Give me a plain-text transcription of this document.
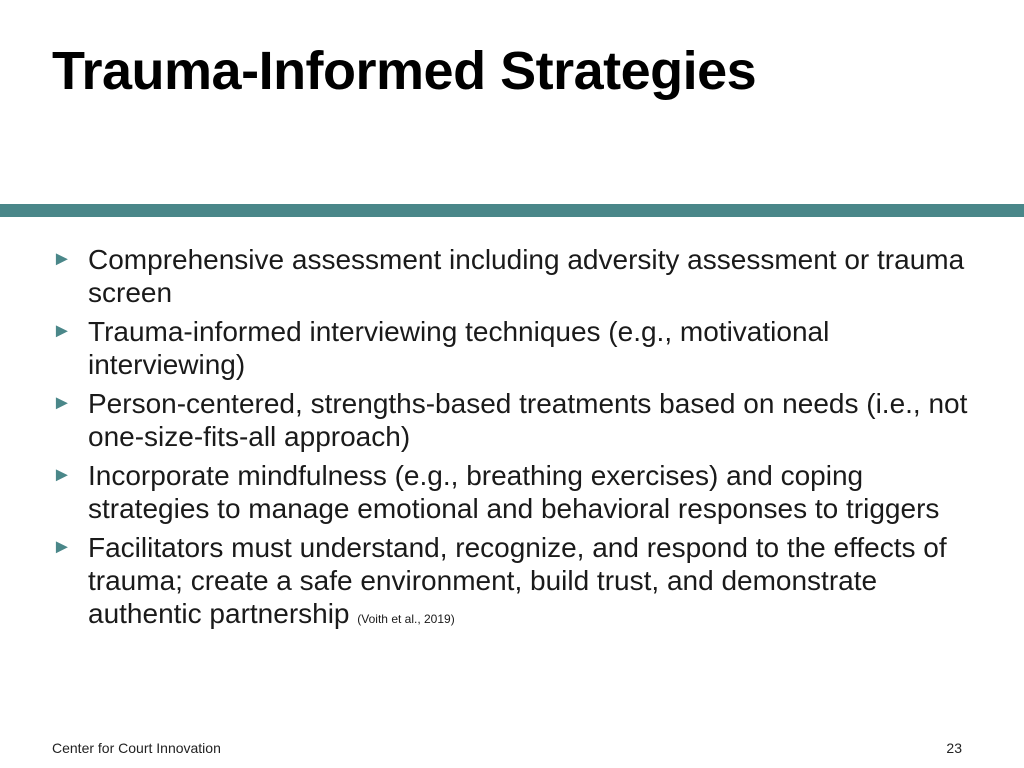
Trauma-Informed Strategies
► Comprehensive assessment including adversity assessment or trauma screen
► Trauma-informed interviewing techniques (e.g., motivational interviewing)
► Person-centered, strengths-based treatments based on needs (i.e., not one-size-fits-all approach)
► Incorporate mindfulness (e.g., breathing exercises) and coping strategies to manage emotional and behavioral responses to triggers
► Facilitators must understand, recognize, and respond to the effects of trauma; create a safe environment, build trust, and demonstrate authentic partnership (Voith et al., 2019)
Center for Court Innovation	23
